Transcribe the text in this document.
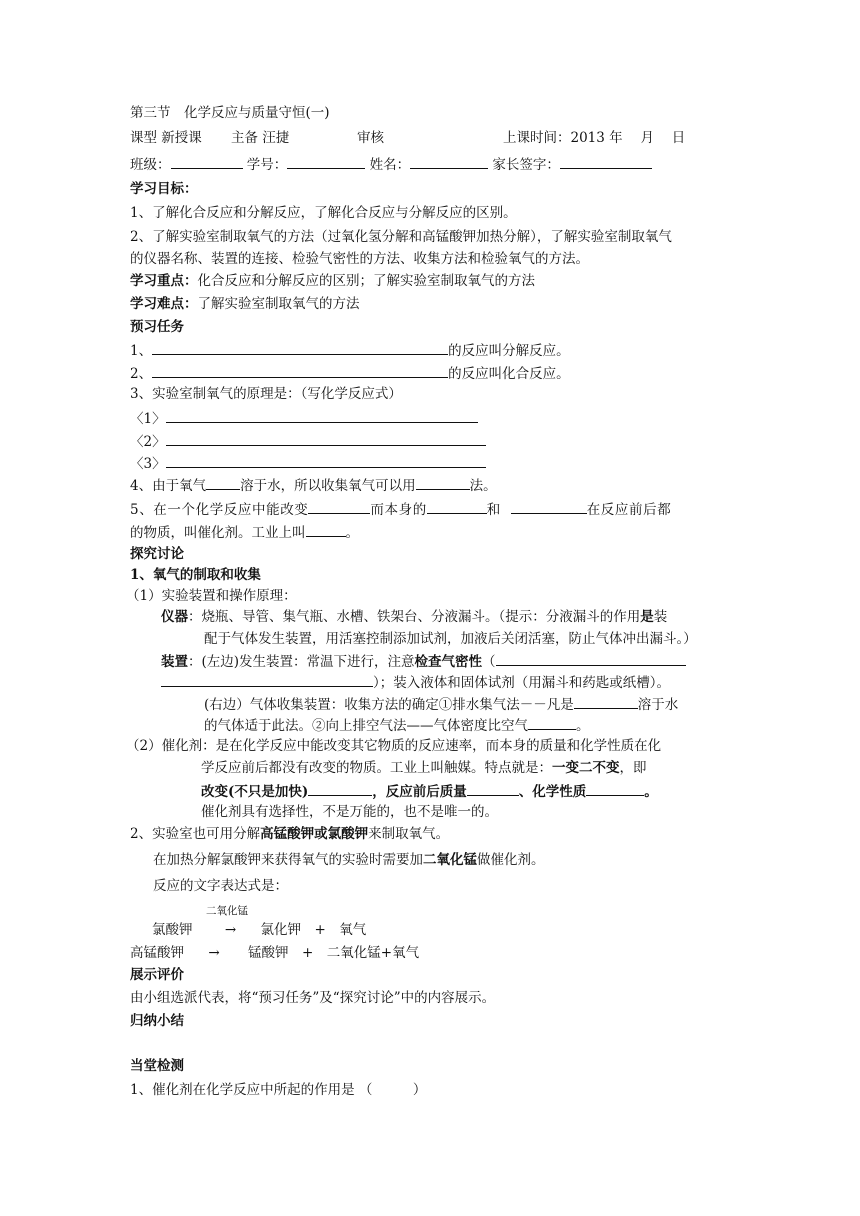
第三节　化学反应与质量守恒(一)
课型 新授课 主备 汪捷	审核	上课时间：2013 年　 月　 日
班级：	学号：	姓名：	家长签字：
学习目标：
1、了解化合反应和分解反应，了解化合反应与分解反应的区别。
2、了解实验室制取氧气的方法（过氧化氢分解和高锰酸钾加热分解），了解实验室制取氧气
的仪器名称、装置的连接、检验气密性的方法、收集方法和检验氧气的方法。
学习重点：化合反应和分解反应的区别；了解实验室制取氧气的方法
学习难点：了解实验室制取氧气的方法
预习任务
1、	的反应叫分解反应。
2、	的反应叫化合反应。
3、实验室制氧气的原理是：（写化学反应式）
〈1〉
〈2〉
〈3〉
4、由于氧气	溶于水，所以收集氧气可以用	法。
5、在一个化学反应中能改变	而本身的	和	在反应前后都
的物质，叫催化剂。工业上叫	。
探究讨论
1、氧气的制取和收集
（1）实验装置和操作原理：
仪器：烧瓶、导管、集气瓶、水槽、铁架台、分液漏斗。（提示：分液漏斗的作用是装
配于气体发生装置，用活塞控制添加试剂，加液后关闭活塞，防止气体冲出漏斗。）
装置：(左边)发生装置：常温下进行，注意检查气密性（
）；装入液体和固体试剂（用漏斗和药匙或纸槽）。
(右边）气体收集装置：收集方法的确定①排水集气法－－凡是	溶于水
的气体适于此法。②向上排空气法——气体密度比空气	。
（2）催化剂：是在化学反应中能改变其它物质的反应速率，而本身的质量和化学性质在化
学反应前后都没有改变的物质。工业上叫触媒。特点就是：一变二不变，即
改变(不只是加快)	，反应前后质量	、化学性质	。
催化剂具有选择性，不是万能的，也不是唯一的。
2、实验室也可用分解高锰酸钾或氯酸钾来制取氧气。
在加热分解氯酸钾来获得氧气的实验时需要加二氧化锰做催化剂。
反应的文字表达式是：
二氧化锰
氯酸钾 → 氯化钾　+　氧气
高锰酸钾 → 锰酸钾　+　二氧化锰+氧气
展示评价
由小组选派代表，将“预习任务”及“探究讨论”中的内容展示。
归纳小结
当堂检测
1、催化剂在化学反应中所起的作用是 （　　　）
